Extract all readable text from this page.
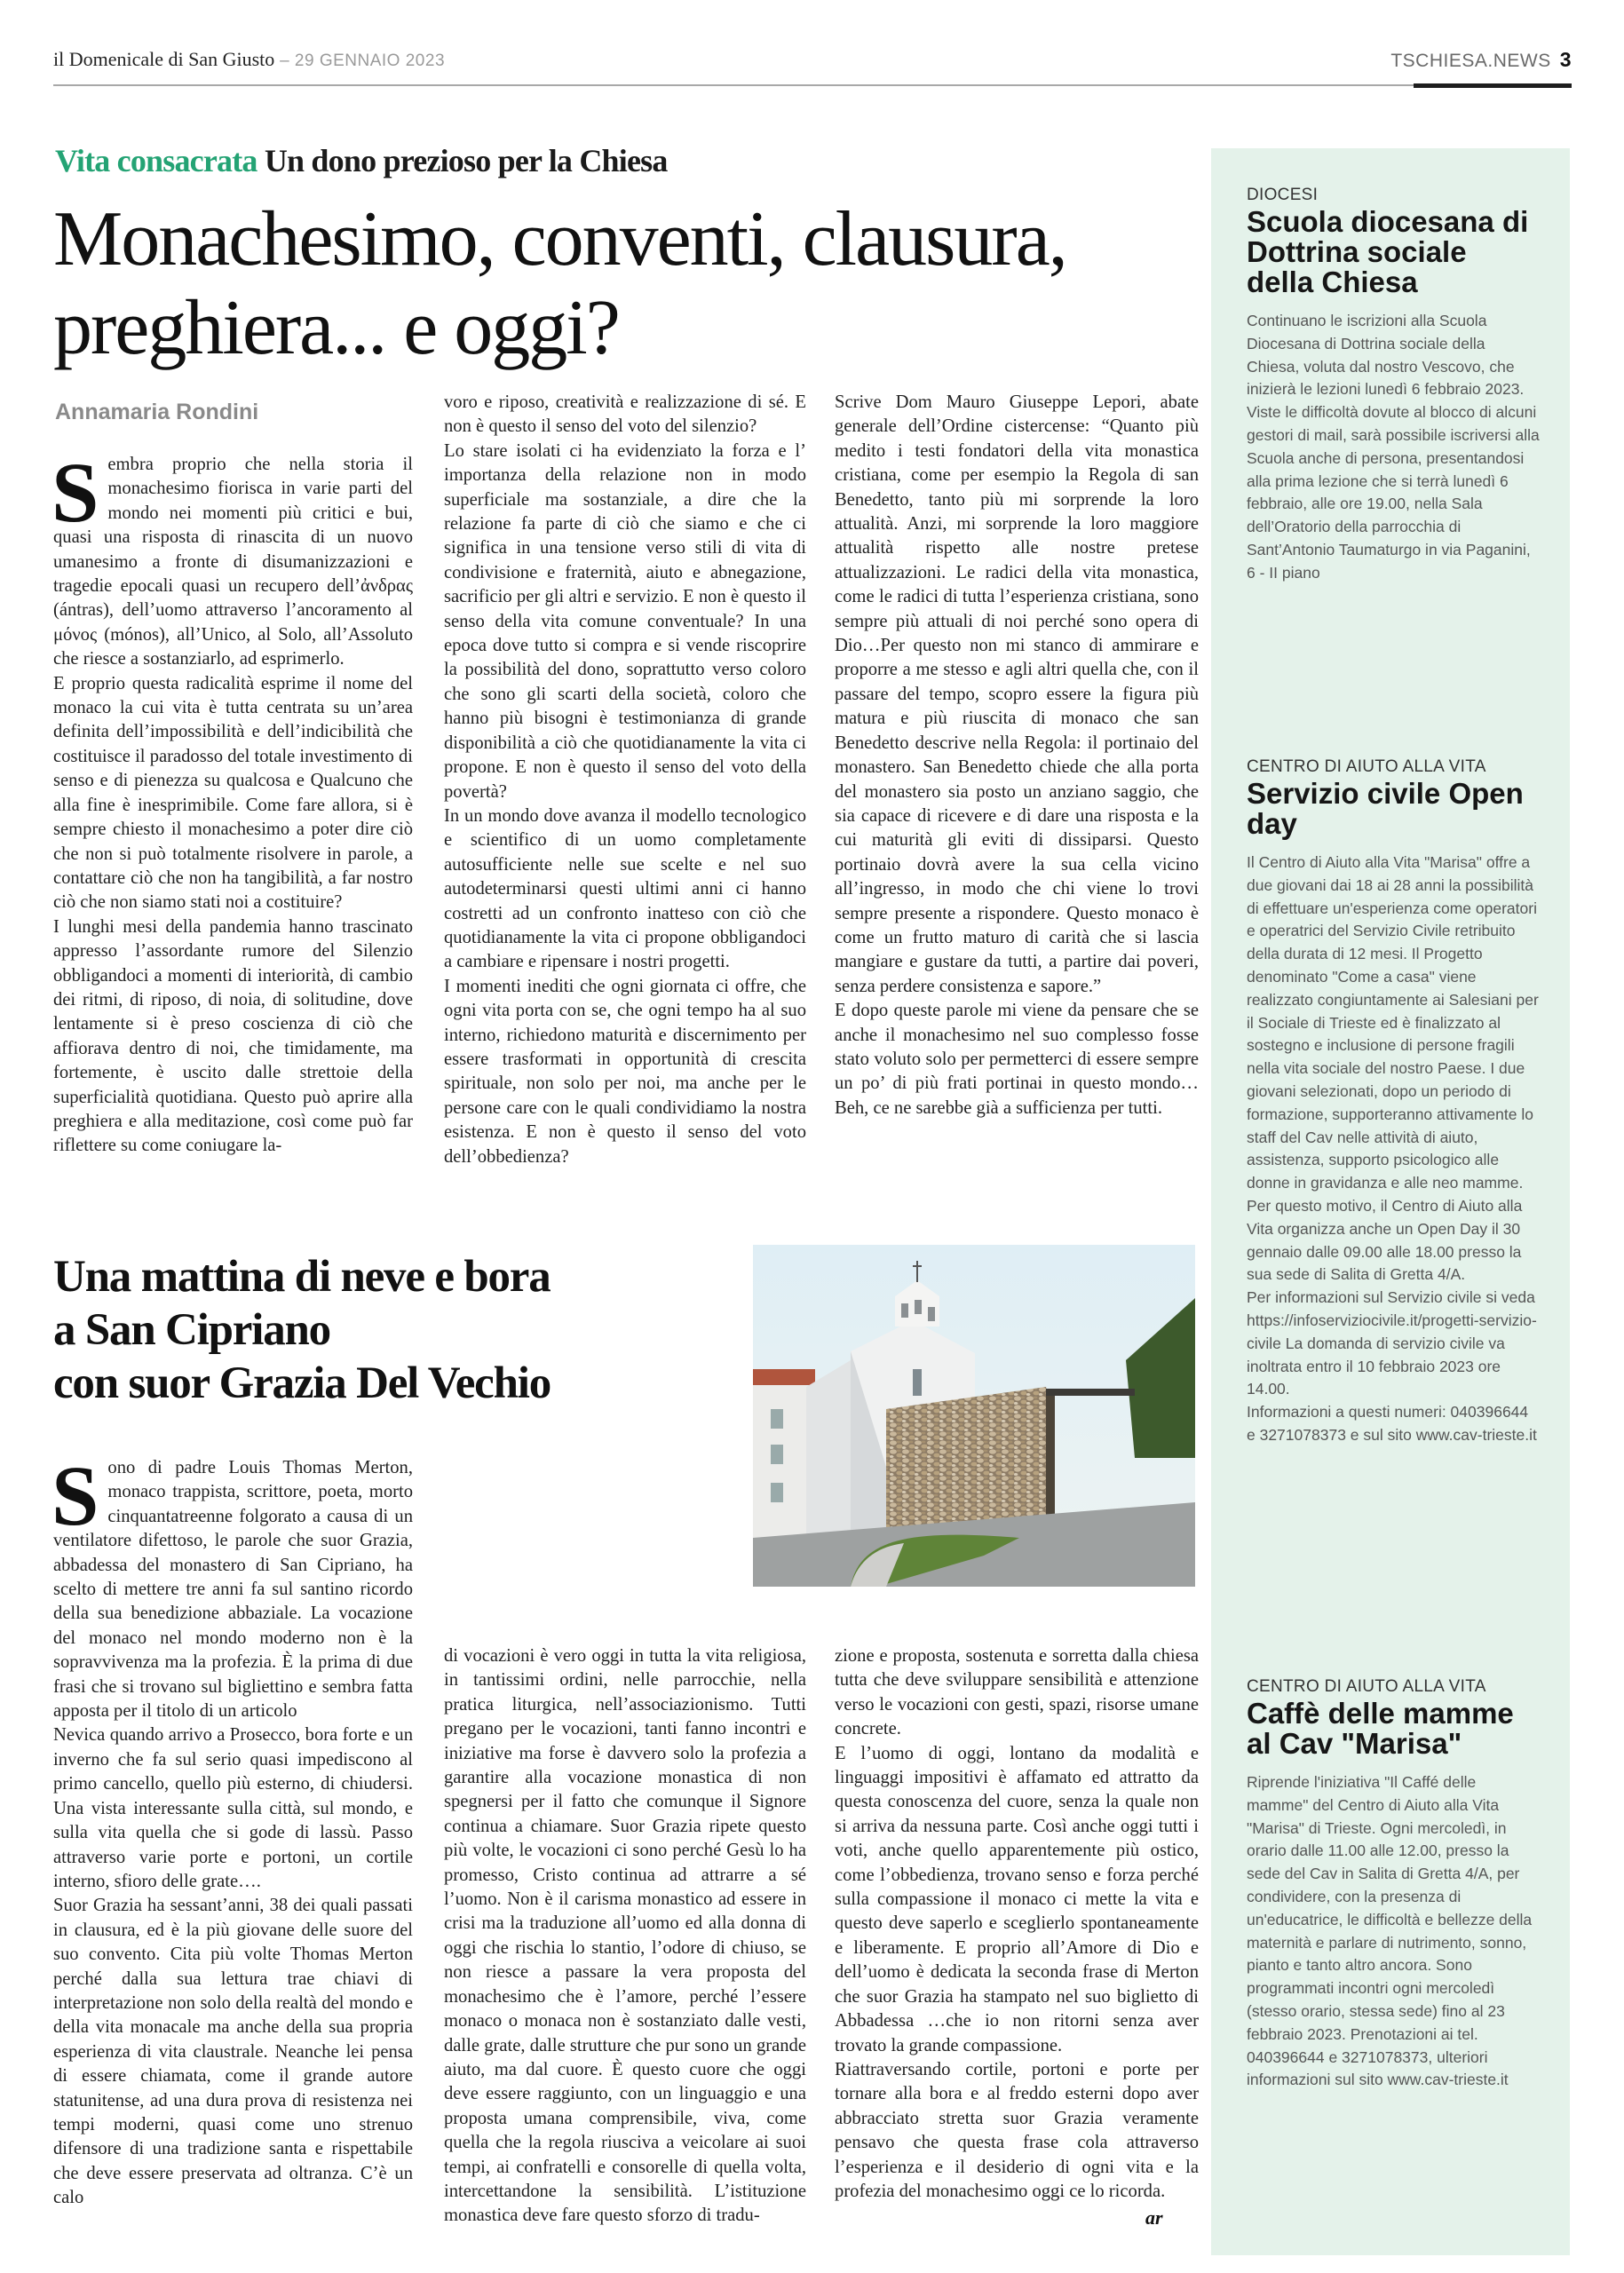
il Domenicale di San Giusto – 29 GENNAIO 2023	TSCHIESA.NEWS 3
Vita consacrata Un dono prezioso per la Chiesa
Monachesimo, conventi, clausura,
preghiera... e oggi?
Annamaria Rondini
S embra proprio che nella storia il monachesimo fiorisca in varie parti del mondo nei momenti più critici e bui, quasi una risposta di rinascita di un nuovo umanesimo a fronte di disumanizzazioni e tragedie epocali quasi un recupero dell’ἀνδρας (ántras), dell’uomo attraverso l’ancoramento al μόνος (mónos), all’Unico, al Solo, all’Assoluto che riesce a sostanziarlo, ad esprimerlo.

E proprio questa radicalità esprime il nome del monaco la cui vita è tutta centrata su un’area definita dell’impossibilità e dell’indicibilità che costituisce il paradosso del totale investimento di senso e di pienezza su qualcosa e Qualcuno che alla fine è inesprimibile. Come fare allora, si è sempre chiesto il monachesimo a poter dire ciò che non si può totalmente risolvere in parole, a contattare ciò che non ha tangibilità, a far nostro ciò che non siamo stati noi a costituire?

I lunghi mesi della pandemia hanno trascinato appresso l’assordante rumore del Silenzio obbligandoci a momenti di interiorità, di cambio dei ritmi, di riposo, di noia, di solitudine, dove lentamente si è preso coscienza di ciò che affiorava dentro di noi, che timidamente, ma fortemente, è uscito dalle strettoie della superficialità quotidiana. Questo può aprire alla preghiera e alla meditazione, così come può far riflettere su come coniugare la-

voro e riposo, creatività e realizzazione di sé. E non è questo il senso del voto del silenzio?

Lo stare isolati ci ha evidenziato la forza e l’ importanza della relazione non in modo superficiale ma sostanziale, a dire che la relazione fa parte di ciò che siamo e che ci significa in una tensione verso stili di vita di condivisione e fraternità, aiuto e abnegazione, sacrificio per gli altri e servizio. E non è questo il senso della vita comune conventuale? In una epoca dove tutto si compra e si vende riscoprire la possibilità del dono, soprattutto verso coloro che sono gli scarti della società, coloro che hanno più bisogni è testimonianza di grande disponibilità a ciò che quotidianamente la vita ci propone. E non è questo il senso del voto della povertà?

In un mondo dove avanza il modello tecnologico e scientifico di un uomo completamente autosufficiente nelle sue scelte e nel suo autodeterminarsi questi ultimi anni ci hanno costretti ad un confronto inatteso con ciò che quotidianamente la vita ci propone obbligandoci a cambiare e ripensare i nostri progetti.

I momenti inediti che ogni giornata ci offre, che ogni vita porta con se, che ogni tempo ha al suo interno, richiedono maturità e discernimento per essere trasformati in opportunità di crescita spirituale, non solo per noi, ma anche per le persone care con le quali condividiamo la nostra esistenza. E non è questo il senso del voto dell’obbedienza?

Scrive Dom Mauro Giuseppe Lepori, abate generale dell’Ordine cistercense: “Quanto più medito i testi fondatori della vita monastica cristiana, come per esempio la Regola di san Benedetto, tanto più mi sorprende la loro attualità. Anzi, mi sorprende la loro maggiore attualità rispetto alle nostre pretese attualizzazioni. Le radici della vita monastica, come le radici di tutta l’esperienza cristiana, sono sempre più attuali di noi perché sono opera di Dio…Per questo non mi stanco di ammirare e proporre a me stesso e agli altri quella che, con il passare del tempo, scopro essere la figura più matura e più riuscita di monaco che san Benedetto descrive nella Regola: il portinaio del monastero. San Benedetto chiede che alla porta del monastero sia posto un anziano saggio, che sia capace di ricevere e di dare una risposta e la cui maturità gli eviti di dissiparsi. Questo portinaio dovrà avere la sua cella vicino all’ingresso, in modo che chi viene lo trovi sempre presente a rispondere. Questo monaco è come un frutto maturo di carità che si lascia mangiare e gustare da tutti, a partire dai poveri, senza perdere consistenza e sapore.”

E dopo queste parole mi viene da pensare che se anche il monachesimo nel suo complesso fosse stato voluto solo per permetterci di essere sempre un po’ di più frati portinai in questo mondo… Beh, ce ne sarebbe già a sufficienza per tutti.

Una mattina di neve e bora
a San Cipriano
con suor Grazia Del Vechio
S ono di padre Louis Thomas Merton, monaco trappista, scrittore, poeta, morto cinquantatreenne folgorato a causa di un ventilatore difettoso, le parole che suor Grazia, abbadessa del monastero di San Cipriano, ha scelto di mettere tre anni fa sul santino ricordo della sua benedizione abbaziale. La vocazione del monaco nel mondo moderno non è la sopravvivenza ma la profezia. È la prima di due frasi che si trovano sul bigliettino e sembra fatta apposta per il titolo di un articolo

Nevica quando arrivo a Prosecco, bora forte e un inverno che fa sul serio quasi impediscono al primo cancello, quello più esterno, di chiudersi. Una vista interessante sulla città, sul mondo, e sulla vita quella che si gode di lassù. Passo attraverso varie porte e portoni, un cortile interno, sfioro delle grate….

Suor Grazia ha sessant’anni, 38 dei quali passati in clausura, ed è la più giovane delle suore del suo convento. Cita più volte Thomas Merton perché dalla sua lettura trae chiavi di interpretazione non solo della realtà del mondo e della vita monacale ma anche della sua propria esperienza di vita claustrale. Neanche lei pensa di essere chiamata, come il grande autore statunitense, ad una dura prova di resistenza nei tempi moderni, quasi come uno strenuo difensore di una tradizione santa e rispettabile che deve essere preservata ad oltranza. C’è un calo

di vocazioni è vero oggi in tutta la vita religiosa, in tantissimi ordini, nelle parrocchie, nella pratica liturgica, nell’associazionismo. Tutti pregano per le vocazioni, tanti fanno incontri e iniziative ma forse è davvero solo la profezia a garantire alla vocazione monastica di non spegnersi per il fatto che comunque il Signore continua a chiamare. Suor Grazia ripete questo più volte, le vocazioni ci sono perché Gesù lo ha promesso, Cristo continua ad attrarre a sé l’uomo. Non è il carisma monastico ad essere in crisi ma la traduzione all’uomo ed alla donna di oggi che rischia lo stantio, l’odore di chiuso, se non riesce a passare la vera proposta del monachesimo che è l’amore, perché l’essere monaco o monaca non è sostanziato dalle vesti, dalle grate, dalle strutture che pur sono un grande aiuto, ma dal cuore. È questo cuore che oggi deve essere raggiunto, con un linguaggio e una proposta umana comprensibile, viva, come quella che la regola riusciva a veicolare ai suoi tempi, ai confratelli e consorelle di quella volta, intercettandone la sensibilità. L’istituzione monastica deve fare questo sforzo di tradu-

zione e proposta, sostenuta e sorretta dalla chiesa tutta che deve sviluppare sensibilità e attenzione verso le vocazioni con gesti, spazi, risorse umane concrete.

E l’uomo di oggi, lontano da modalità e linguaggi impositivi è affamato ed attratto da questa conoscenza del cuore, senza la quale non si arriva da nessuna parte. Così anche oggi tutti i voti, anche quello apparentemente più ostico, come l’obbedienza, trovano senso e forza perché sulla compassione il monaco ci mette la vita e questo deve saperlo e sceglierlo spontaneamente e liberamente. E proprio all’Amore di Dio e dell’uomo è dedicata la seconda frase di Merton che suor Grazia ha stampato nel suo biglietto di Abbadessa …che io non ritorni senza aver trovato la grande compassione.

Riattraversando cortile, portoni e porte per tornare alla bora e al freddo esterni dopo aver abbracciato stretta suor Grazia veramente pensavo che questa frase cola attraverso l’esperienza e il desiderio di ogni vita e la profezia del monachesimo oggi ce lo ricorda.

ar
DIOCESI
Scuola diocesana di Dottrina sociale della Chiesa
Continuano le iscrizioni alla Scuola Diocesana di Dottrina sociale della Chiesa, voluta dal nostro Vescovo, che inizierà le lezioni lunedì 6 febbraio 2023.
Viste le difficoltà dovute al blocco di alcuni gestori di mail, sarà possibile iscriversi alla Scuola anche di persona, presentandosi alla prima lezione che si terrà lunedì 6 febbraio, alle ore 19.00, nella Sala dell’Oratorio della parrocchia di Sant’Antonio Taumaturgo in via Paganini, 6 - II piano
CENTRO DI AIUTO ALLA VITA
Servizio civile Open day
Il Centro di Aiuto alla Vita "Marisa" offre a due giovani dai 18 ai 28 anni la possibilità di effettuare un'esperienza come operatori e operatrici del Servizio Civile retribuito della durata di 12 mesi. Il Progetto denominato "Come a casa" viene realizzato congiuntamente ai Salesiani per il Sociale di Trieste ed è finalizzato al sostegno e inclusione di persone fragili nella vita sociale del nostro Paese. I due giovani selezionati, dopo un periodo di formazione, supporteranno attivamente lo staff del Cav nelle attività di aiuto, assistenza, supporto psicologico alle donne in gravidanza e alle neo mamme.
Per questo motivo, il Centro di Aiuto alla Vita organizza anche un Open Day il 30 gennaio dalle 09.00 alle 18.00 presso la sua sede di Salita di Gretta 4/A.
Per informazioni sul Servizio civile si veda https://infoserviziocivile.it/progetti-servizio-civile La domanda di servizio civile va inoltrata entro il 10 febbraio 2023 ore 14.00.
Informazioni a questi numeri: 040396644 e 3271078373 e sul sito www.cav-trieste.it
CENTRO DI AIUTO ALLA VITA
Caffè delle mamme al Cav "Marisa"
Riprende l'iniziativa "Il Caffé delle mamme" del Centro di Aiuto alla Vita "Marisa" di Trieste. Ogni mercoledì, in orario dalle 11.00 alle 12.00, presso la sede del Cav in Salita di Gretta 4/A, per condividere, con la presenza di un'educatrice, le difficoltà e bellezze della maternità e parlare di nutrimento, sonno, pianto e tanto altro ancora. Sono programmati incontri ogni mercoledì (stesso orario, stessa sede) fino al 23 febbraio 2023. Prenotazioni ai tel. 040396644 e 3271078373, ulteriori informazioni sul sito www.cav-trieste.it
